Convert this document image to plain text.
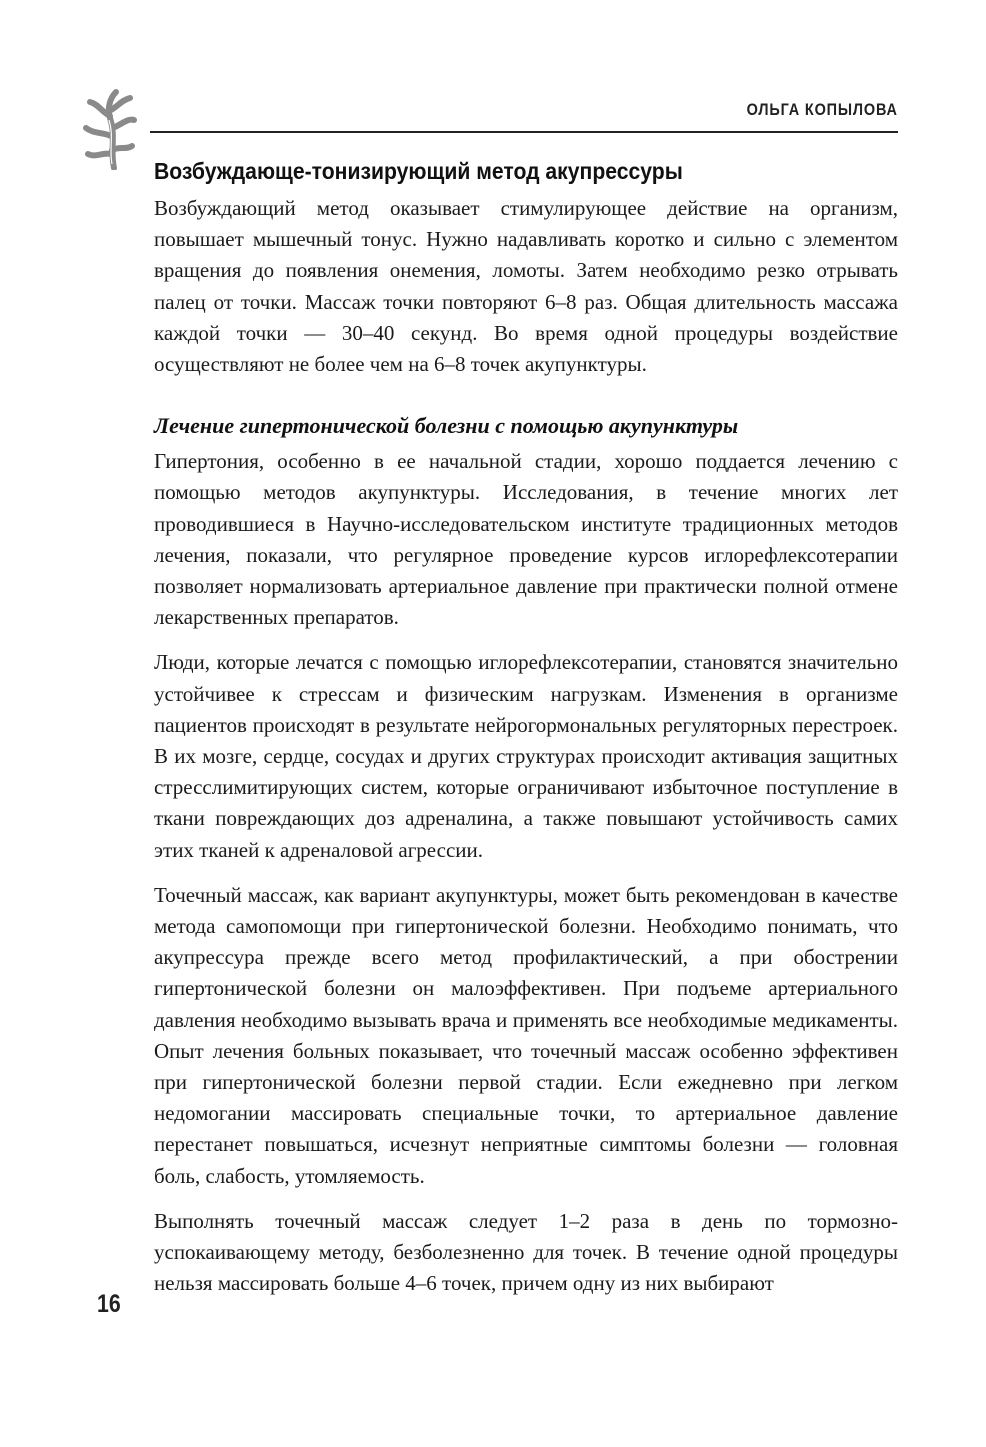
ОЛЬГА КОПЫЛОВА
Возбуждающе-тонизирующий метод акупрессуры

Возбуждающий метод оказывает стимулирующее действие на организм, повышает мышечный тонус. Нужно надавливать коротко и сильно с элементом вращения до появления онемения, ломоты. Затем необходимо резко отрывать палец от точки. Массаж точки повторяют 6–8 раз. Общая длительность массажа каждой точки — 30–40 секунд. Во время одной процедуры воздействие осуществляют не более чем на 6–8 точек акупунктуры.

Лечение гипертонической болезни с помощью акупунктуры

Гипертония, особенно в ее начальной стадии, хорошо поддается лечению с помощью методов акупунктуры. Исследования, в течение многих лет проводившиеся в Научно-исследовательском институте традиционных методов лечения, показали, что регулярное проведение курсов иглорефлексотерапии позволяет нормализовать артериальное давление при практически полной отмене лекарственных препаратов.

Люди, которые лечатся с помощью иглорефлексотерапии, становятся значительно устойчивее к стрессам и физическим нагрузкам. Изменения в организме пациентов происходят в результате нейрогормональных регуляторных перестроек. В их мозге, сердце, сосудах и других структурах происходит активация защитных стресслимитирующих систем, которые ограничивают избыточное поступление в ткани повреждающих доз адреналина, а также повышают устойчивость самих этих тканей к адреналовой агрессии.

Точечный массаж, как вариант акупунктуры, может быть рекомендован в качестве метода самопомощи при гипертонической болезни. Необходимо понимать, что акупрессура прежде всего метод профилактический, а при обострении гипертонической болезни он малоэффективен. При подъеме артериального давления необходимо вызывать врача и применять все необходимые медикаменты. Опыт лечения больных показывает, что точечный массаж особенно эффективен при гипертонической болезни первой стадии. Если ежедневно при легком недомогании массировать специальные точки, то артериальное давление перестанет повышаться, исчезнут неприятные симптомы болезни — головная боль, слабость, утомляемость.

Выполнять точечный массаж следует 1–2 раза в день по тормозно-успокаивающему методу, безболезненно для точек. В течение одной процедуры нельзя массировать больше 4–6 точек, причем одну из них выбирают

16
